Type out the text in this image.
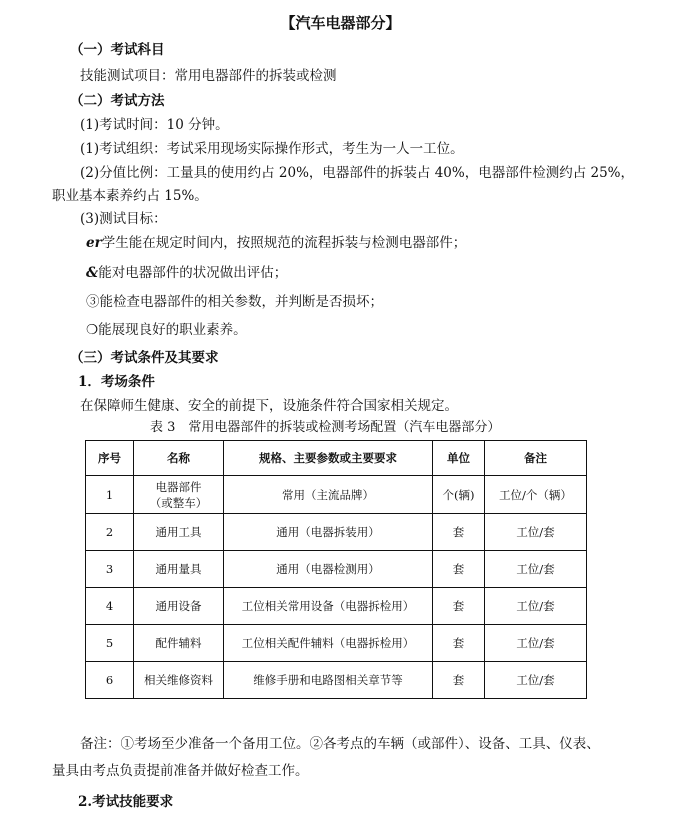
【汽车电器部分】
（一）考试科目
技能测试项目：常用电器部件的拆装或检测
（二）考试方法
(1)考试时间：10 分钟。
(1)考试组织：考试采用现场实际操作形式，考生为一人一工位。
(2)分值比例：工量具的使用约占 20%，电器部件的拆装占 40%，电器部件检测约占 25%，
职业基本素养约占 15%。
(3)测试目标：
er学生能在规定时间内，按照规范的流程拆装与检测电器部件；
&能对电器部件的状况做出评估；
③能检查电器部件的相关参数，并判断是否损坏；
❍能展现良好的职业素养。
（三）考试条件及其要求
1．考场条件
在保障师生健康、安全的前提下，设施条件符合国家相关规定。
表 3　常用电器部件的拆装或检测考场配置（汽车电器部分）
序号	名称	规格、主要参数或主要要求	单位	备注
1	电器部件
（或整车）	常用（主流品牌）	个(辆)	工位/个（辆）
2	通用工具	通用（电器拆装用）	套	工位/套
3	通用量具	通用（电器检测用）	套	工位/套
4	通用设备	工位相关常用设备（电器拆检用）	套	工位/套
5	配件辅料	工位相关配件辅料（电器拆检用）	套	工位/套
6	相关维修资料	维修手册和电路图相关章节等	套	工位/套
备注：①考场至少准备一个备用工位。②各考点的车辆（或部件）、设备、工具、仪表、
量具由考点负责提前准备并做好检查工作。
2.考试技能要求
